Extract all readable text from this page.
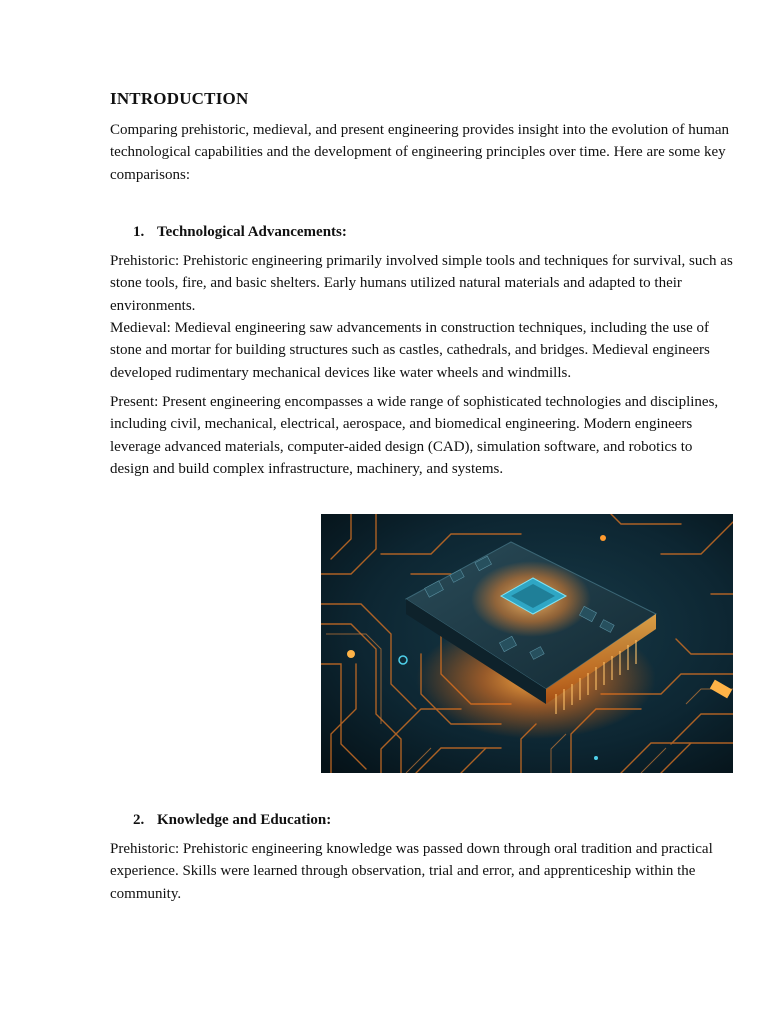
INTRODUCTION

Comparing prehistoric, medieval, and present engineering provides insight into the evolution of human technological capabilities and the development of engineering principles over time. Here are some key comparisons:

1. Technological Advancements:

Prehistoric: Prehistoric engineering primarily involved simple tools and techniques for survival, such as stone tools, fire, and basic shelters. Early humans utilized natural materials and adapted to their environments.

Medieval: Medieval engineering saw advancements in construction techniques, including the use of stone and mortar for building structures such as castles, cathedrals, and bridges. Medieval engineers developed rudimentary mechanical devices like water wheels and windmills.

Present: Present engineering encompasses a wide range of sophisticated technologies and disciplines, including civil, mechanical, electrical, aerospace, and biomedical engineering. Modern engineers leverage advanced materials, computer-aided design (CAD), simulation software, and robotics to design and build complex infrastructure, machinery, and systems.

2. Knowledge and Education:

Prehistoric: Prehistoric engineering knowledge was passed down through oral tradition and practical experience. Skills were learned through observation, trial and error, and apprenticeship within the community.
